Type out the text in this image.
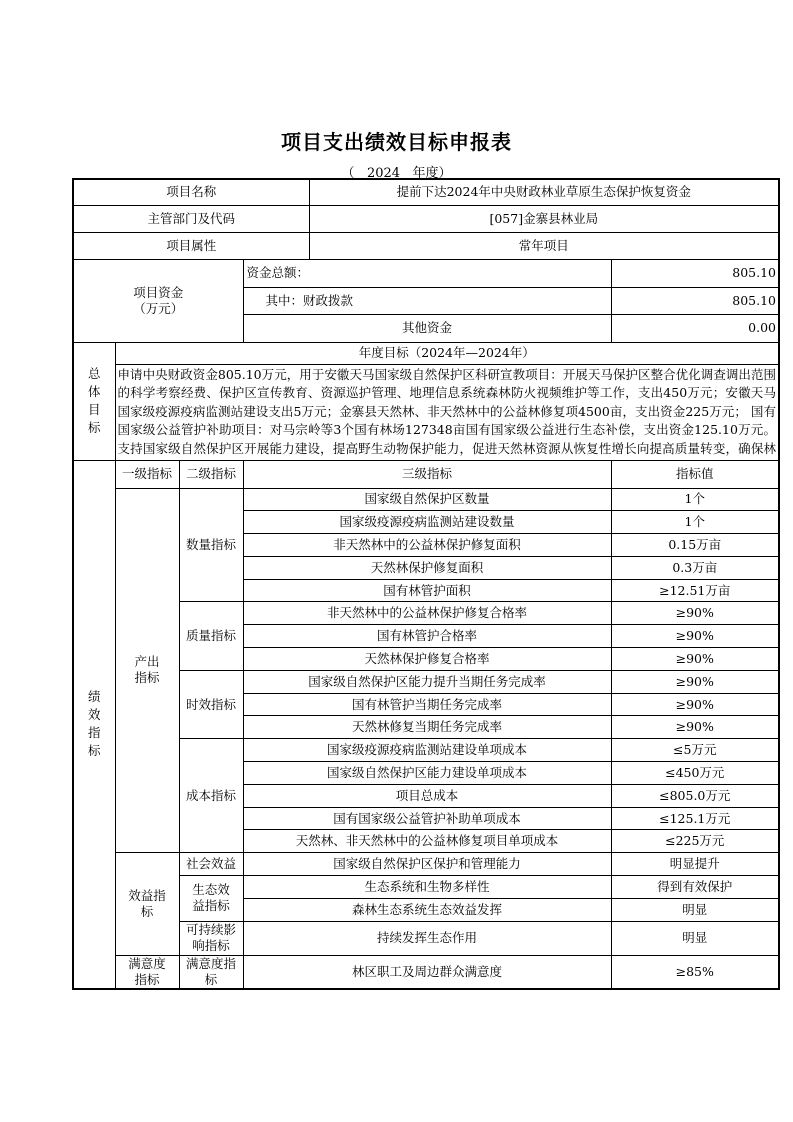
项目支出绩效目标申报表
（ 2024 年度）
项目名称				提前下达2024年中央财政林业草原生态保护恢复资金	
主管部门及代码				[057]金寨县林业局	
项目属性				常年项目	

项目资金
（万元）			资金总额：		805.10
			其中：财政拨款		805.10
			其他资金		0.00

总
体
目
标	年度目标（2024年—2024年）				

	申请中央财政资金805.10万元，用于安徽天马国家级自然保护区科研宣教项目：开展天马保护区整合优化调查调出范围的科学考察经费、保护区宣传教育、资源巡护管理、地理信息系统森林防火视频维护等工作，支出450万元；安徽天马国家级疫源疫病监测站建设支出5万元；金寨县天然林、非天然林中的公益林修复项4500亩，支出资金225万元； 国有国家级公益管护补助项目：对马宗岭等3个国有林场127348亩国有国家级公益进行生态补偿，支出资金125.10万元。 支持国家级自然保护区开展能力建设，提高野生动物保护能力，促进天然林资源从恢复性增长向提高质量转变，确保林				

绩
效
指
标	一级指标	二级指标	三级指标		指标值
	产出指标	数量指标	国家级自然保护区数量		1个
			国家级疫源疫病监测站建设数量		1个
			非天然林中的公益林保护修复面积		0.15万亩
			天然林保护修复面积		0.3万亩
			国有林管护面积		≥12.51万亩
		质量指标	非天然林中的公益林保护修复合格率		≥90%
			国有林管护合格率		≥90%
			天然林保护修复合格率		≥90%
		时效指标	国家级自然保护区能力提升当期任务完成率		≥90%
			国有林管护当期任务完成率		≥90%
			天然林修复当期任务完成率		≥90%
		成本指标	国家级疫源疫病监测站建设单项成本		≤5万元
			国家级自然保护区能力建设单项成本		≤450万元
			项目总成本		≤805.0万元
			国有国家级公益管护补助单项成本		≤125.1万元
			天然林、非天然林中的公益林修复项目单项成本		≤225万元
	效益指标	社会效益	国家级自然保护区保护和管理能力		明显提升
		生态效益指标	生态系统和生物多样性		得到有效保护
			森林生态系统生态效益发挥		明显
		可持续影响指标	持续发挥生态作用		明显
	满意度指标	满意度指标	林区职工及周边群众满意度		≥85%
